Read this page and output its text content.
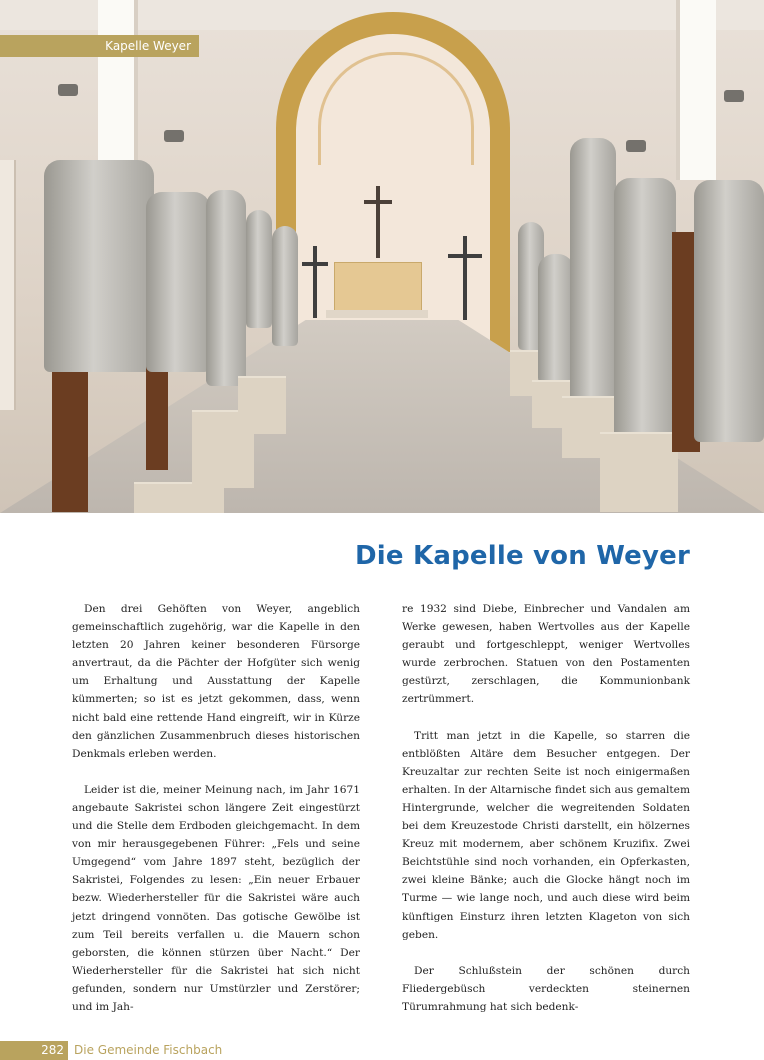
Kapelle Weyer
Die Kapelle von Weyer

Den drei Gehöften von Weyer, angeblich gemeinschaftlich zugehörig, war die Kapelle in den letzten 20 Jahren keiner besonderen Fürsorge anvertraut, da die Pächter der Hofgüter sich wenig um Erhaltung und Ausstattung der Kapelle kümmerten; so ist es jetzt gekommen, dass, wenn nicht bald eine rettende Hand eingreift, wir in Kürze den gänzlichen Zusammenbruch dieses historischen Denkmals erleben werden.

Leider ist die, meiner Meinung nach, im Jahr 1671 angebaute Sakristei schon längere Zeit eingestürzt und die Stelle dem Erdboden gleichgemacht. In dem von mir herausgegebenen Führer: „Fels und seine Umgegend“ vom Jahre 1897 steht, bezüglich der Sakristei, Folgendes zu lesen: „Ein neuer Erbauer bezw. Wiederhersteller für die Sakristei wäre auch jetzt dringend vonnöten. Das gotische Gewölbe ist zum Teil bereits verfallen u. die Mauern schon geborsten, die können stürzen über Nacht.“ Der Wiederhersteller für die Sakristei hat sich nicht gefunden, sondern nur Umstürzler und Zerstörer; und im Jah-

re 1932 sind Diebe, Einbrecher und Vandalen am Werke gewesen, haben Wertvolles aus der Kapelle geraubt und fortgeschleppt, weniger Wertvolles wurde zerbrochen. Statuen von den Postamenten gestürzt, zerschlagen, die Kommunionbank zertrümmert.

Tritt man jetzt in die Kapelle, so starren die entblößten Altäre dem Besucher entgegen. Der Kreuzaltar zur rechten Seite ist noch einigermaßen erhalten. In der Altarnische findet sich aus gemaltem Hintergrunde, welcher die wegreitenden Soldaten bei dem Kreuzestode Christi darstellt, ein hölzernes Kreuz mit modernem, aber schönem Kruzifix. Zwei Beichtstühle sind noch vorhanden, ein Opferkasten, zwei kleine Bänke; auch die Glocke hängt noch im Turme — wie lange noch, und auch diese wird beim künftigen Einsturz ihren letzten Klageton von sich geben.

Der Schlußstein der schönen durch Fliedergebüsch verdeckten steinernen Türumrahmung hat sich bedenk-

282 Die Gemeinde Fischbach
